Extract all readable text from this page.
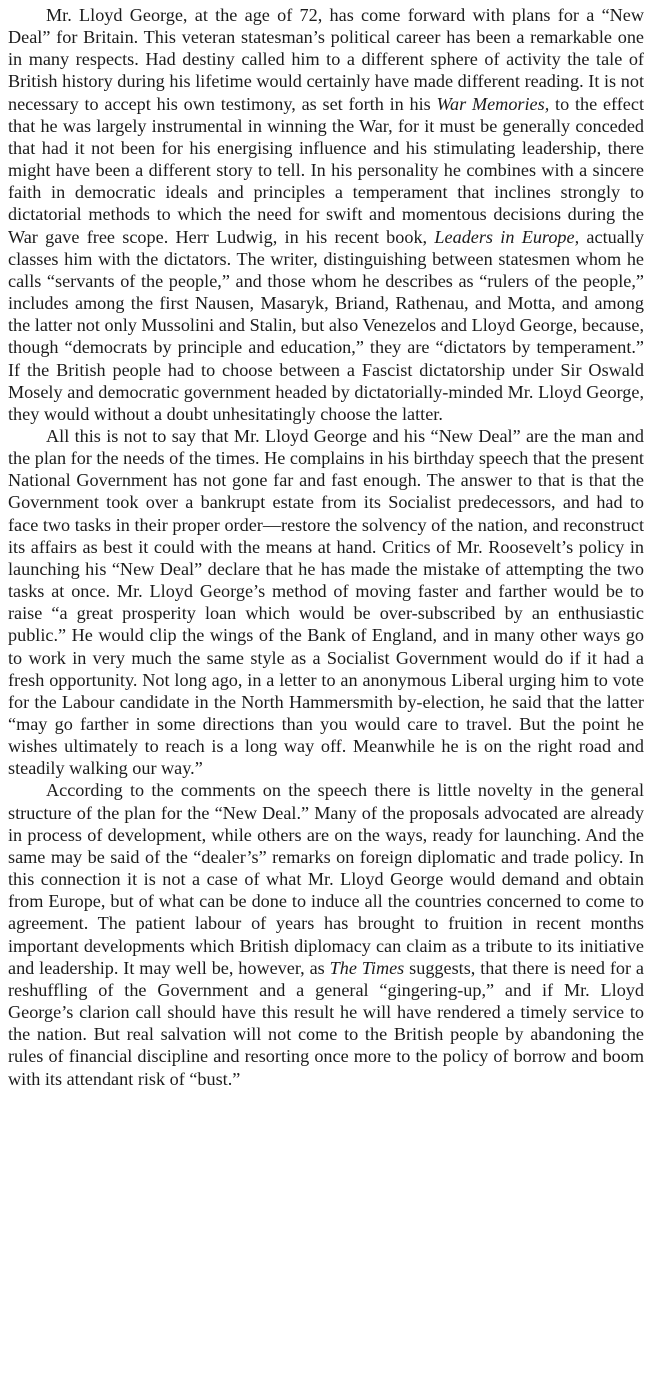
Mr. Lloyd George, at the age of 72, has come forward with plans for a “New Deal” for Britain. This veteran statesman’s political career has been a remarkable one in many respects. Had destiny called him to a different sphere of activity the tale of British history during his lifetime would certainly have made different reading. It is not necessary to accept his own testimony, as set forth in his War Memories, to the effect that he was largely instrumental in winning the War, for it must be generally conceded that had it not been for his energising influence and his stimulating leadership, there might have been a different story to tell. In his personality he combines with a sincere faith in democratic ideals and principles a temperament that inclines strongly to dictatorial methods to which the need for swift and momentous decisions during the War gave free scope. Herr Ludwig, in his recent book, Leaders in Europe, actually classes him with the dictators. The writer, distinguishing between statesmen whom he calls “servants of the people,” and those whom he describes as “rulers of the people,” includes among the first Nausen, Masaryk, Briand, Rathenau, and Motta, and among the latter not only Mussolini and Stalin, but also Venezelos and Lloyd George, because, though “democrats by principle and education,” they are “dictators by temperament.” If the British people had to choose between a Fascist dictatorship under Sir Oswald Mosely and democratic government headed by dictatorially-minded Mr. Lloyd George, they would without a doubt unhesitatingly choose the latter.

All this is not to say that Mr. Lloyd George and his “New Deal” are the man and the plan for the needs of the times. He complains in his birthday speech that the present National Government has not gone far and fast enough. The answer to that is that the Government took over a bankrupt estate from its Socialist predecessors, and had to face two tasks in their proper order—restore the solvency of the nation, and reconstruct its affairs as best it could with the means at hand. Critics of Mr. Roosevelt’s policy in launching his “New Deal” declare that he has made the mistake of attempting the two tasks at once. Mr. Lloyd George’s method of moving faster and farther would be to raise “a great prosperity loan which would be over-subscribed by an enthusiastic public.” He would clip the wings of the Bank of England, and in many other ways go to work in very much the same style as a Socialist Government would do if it had a fresh opportunity. Not long ago, in a letter to an anonymous Liberal urging him to vote for the Labour candidate in the North Hammersmith by-election, he said that the latter “may go farther in some directions than you would care to travel. But the point he wishes ultimately to reach is a long way off. Meanwhile he is on the right road and steadily walking our way.”

According to the comments on the speech there is little novelty in the general structure of the plan for the “New Deal.” Many of the proposals advocated are already in process of development, while others are on the ways, ready for launching. And the same may be said of the “dealer’s” remarks on foreign diplomatic and trade policy. In this connection it is not a case of what Mr. Lloyd George would demand and obtain from Europe, but of what can be done to induce all the countries concerned to come to agreement. The patient labour of years has brought to fruition in recent months important developments which British diplomacy can claim as a tribute to its initiative and leadership. It may well be, however, as The Times suggests, that there is need for a reshuffling of the Government and a general “gingering-up,” and if Mr. Lloyd George’s clarion call should have this result he will have rendered a timely service to the nation. But real salvation will not come to the British people by abandoning the rules of financial discipline and resorting once more to the policy of borrow and boom with its attendant risk of “bust.”
